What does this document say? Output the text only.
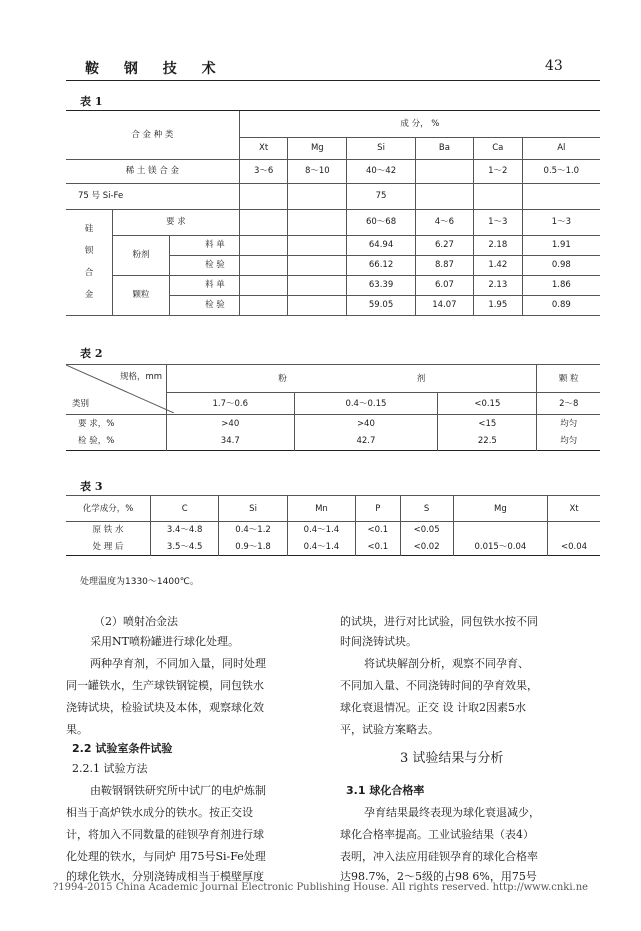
鞍 钢 技 术	43
表 1
合 金 种 类			成 分， %					
			Xt	Mg	Si	Ba	Ca	Al
稀 土 镁 合 金			3～6	8～10	40～42		1～2	0.5～1.0
75 号 Si-Fe					75			

硅
钡
合
金	要 求				60～68	4～6	1～3	1～3
	粉剂	料 单			64.94	6.27	2.18	1.91
		检 验			66.12	8.87	1.42	0.98
	颗粒	料 单			63.39	6.07	2.13	1.86
		检 验			59.05	14.07	1.95	0.89
表 2
规格，mm
类别	粉 剂			颗 粒
	1.7～0.6	0.4～0.15	<0.15	2～8
要 求，%	>40	>40	<15	均匀
检 验，%	34.7	42.7	22.5	均匀
表 3
化学成分，%	C	Si	Mn	P	S	Mg	Xt
原 铁 水	3.4～4.8	0.4～1.2	0.4～1.4	<0.1	<0.05		
处 理 后	3.5～4.5	0.9～1.8	0.4～1.4	<0.1	<0.02	0.015～0.04	<0.04
处理温度为1330～1400℃。
（2）喷射冶金法
采用NT喷粉罐进行球化处理。
两种孕育剂，不同加入量，同时处理
同一罐铁水，生产球铁钢锭模，同包铁水
浇铸试块，检验试块及本体，观察球化效
果。
2.2 试验室条件试验
2.2.1 试验方法
由鞍钢钢铁研究所中试厂的电炉炼制
相当于高炉铁水成分的铁水。按正交设
计，将加入不同数量的硅钡孕育剂进行球
化处理的铁水，与同炉 用75号Si-Fe处理
的球化铁水，分别浇铸成相当于模壁厚度
的试块，进行对比试验，同包铁水按不同
时间浇铸试块。
将试块解剖分析，观察不同孕育、
不同加入量、不同浇铸时间的孕育效果，
球化衰退情况。正交 设 计取2因素5水
平，试验方案略去。
3 试验结果与分析
3.1 球化合格率
孕育结果最终表现为球化衰退减少，
球化合格率提高。工业试验结果（表4）
表明，冲入法应用硅钡孕育的球化合格率
达98.7%，2～5级的占98 6%，用75号
?1994-2015 China Academic Journal Electronic Publishing House. All rights reserved. http://www.cnki.ne
